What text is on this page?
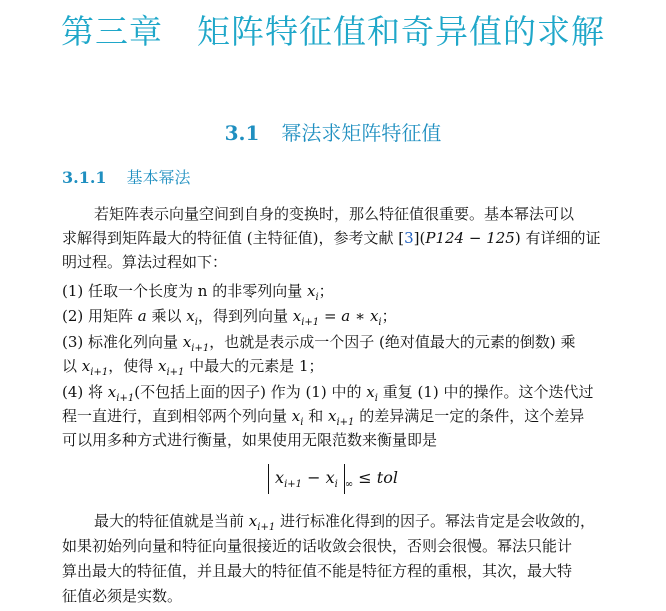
第三章 矩阵特征值和奇异值的求解
3.1 幂法求矩阵特征值
3.1.1 基本幂法
若矩阵表示向量空间到自身的变换时，那么特征值很重要。基本幂法可以
求解得到矩阵最大的特征值 (主特征值)，参考文献 [3](P124 − 125) 有详细的证
明过程。算法过程如下：
(1) 任取一个长度为 n 的非零列向量 $x_i$；
(2) 用矩阵 a 乘以 $x_i$，得到列向量 $x_{i+1} = a$ ∗ $x_i$；
(3) 标准化列向量 $x_{i+1}$，也就是表示成一个因子 (绝对值最大的元素的倒数) 乘
以 $x_{i+1}$，使得 $x_{i+1}$ 中最大的元素是 1；
(4) 将 $x_{i+1}$(不包括上面的因子) 作为 (1) 中的 $x_i$ 重复 (1) 中的操作。这个迭代过
程一直进行，直到相邻两个列向量 $x_i$ 和 $x_{i+1}$ 的差异满足一定的条件，这个差异
可以用多种方式进行衡量，如果使用无限范数来衡量即是
$x_{i+1} - x_i$ $_\infty$ ≤ tol
最大的特征值就是当前 $x_{i+1}$ 进行标准化得到的因子。幂法肯定是会收敛的，
如果初始列向量和特征向量很接近的话收敛会很快，否则会很慢。幂法只能计
算出最大的特征值，并且最大的特征值不能是特征方程的重根，其次，最大特
征值必须是实数。
